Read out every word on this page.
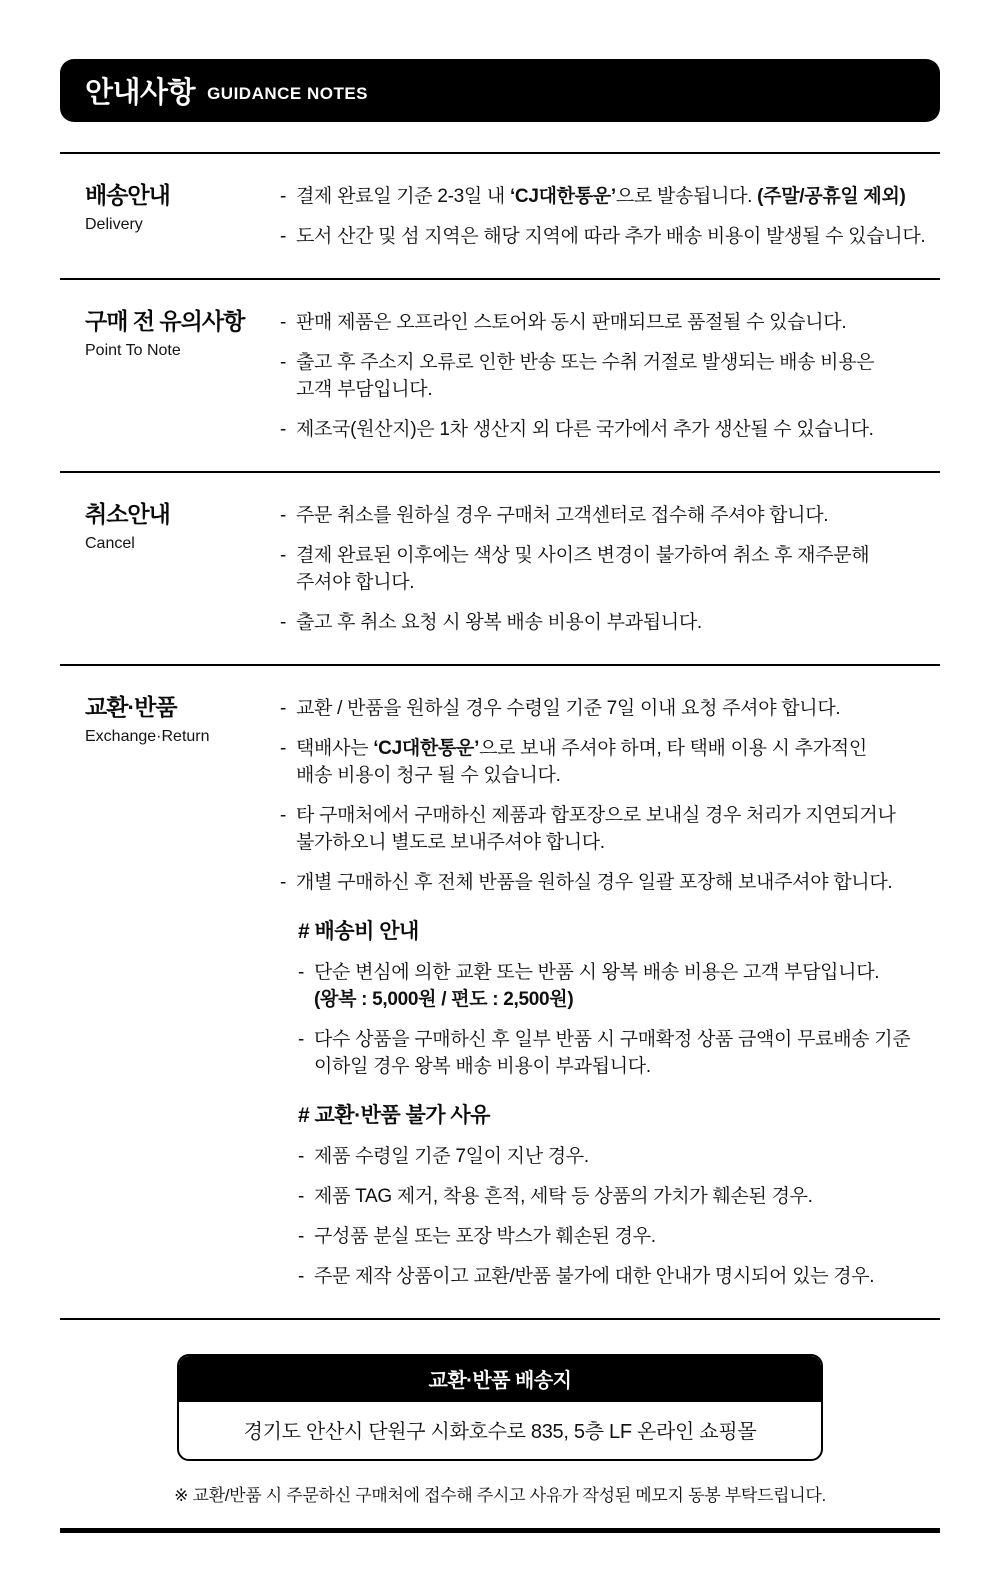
안내사항 GUIDANCE NOTES
배송안내
Delivery
- 결제 완료일 기준 2-3일 내 ‘CJ대한통운’으로 발송됩니다. (주말/공휴일 제외)
- 도서 산간 및 섬 지역은 해당 지역에 따라 추가 배송 비용이 발생될 수 있습니다.
구매 전 유의사항
Point To Note
- 판매 제품은 오프라인 스토어와 동시 판매되므로 품절될 수 있습니다.
- 출고 후 주소지 오류로 인한 반송 또는 수취 거절로 발생되는 배송 비용은
고객 부담입니다.
- 제조국(원산지)은 1차 생산지 외 다른 국가에서 추가 생산될 수 있습니다.
취소안내
Cancel
- 주문 취소를 원하실 경우 구매처 고객센터로 접수해 주셔야 합니다.
- 결제 완료된 이후에는 색상 및 사이즈 변경이 불가하여 취소 후 재주문해
주셔야 합니다.
- 출고 후 취소 요청 시 왕복 배송 비용이 부과됩니다.
교환·반품
Exchange·Return
- 교환 / 반품을 원하실 경우 수령일 기준 7일 이내 요청 주셔야 합니다.
- 택배사는 ‘CJ대한통운’으로 보내 주셔야 하며, 타 택배 이용 시 추가적인
배송 비용이 청구 될 수 있습니다.
- 타 구매처에서 구매하신 제품과 합포장으로 보내실 경우 처리가 지연되거나
불가하오니 별도로 보내주셔야 합니다.
- 개별 구매하신 후 전체 반품을 원하실 경우 일괄 포장해 보내주셔야 합니다.
# 배송비 안내
- 단순 변심에 의한 교환 또는 반품 시 왕복 배송 비용은 고객 부담입니다.
(왕복 : 5,000원 / 편도 : 2,500원)
- 다수 상품을 구매하신 후 일부 반품 시 구매확정 상품 금액이 무료배송 기준
이하일 경우 왕복 배송 비용이 부과됩니다.
# 교환·반품 불가 사유
- 제품 수령일 기준 7일이 지난 경우.
- 제품 TAG 제거, 착용 흔적, 세탁 등 상품의 가치가 훼손된 경우.
- 구성품 분실 또는 포장 박스가 훼손된 경우.
- 주문 제작 상품이고 교환/반품 불가에 대한 안내가 명시되어 있는 경우.
교환·반품 배송지
경기도 안산시 단원구 시화호수로 835, 5층 LF 온라인 쇼핑몰
※ 교환/반품 시 주문하신 구매처에 접수해 주시고 사유가 작성된 메모지 동봉 부탁드립니다.
